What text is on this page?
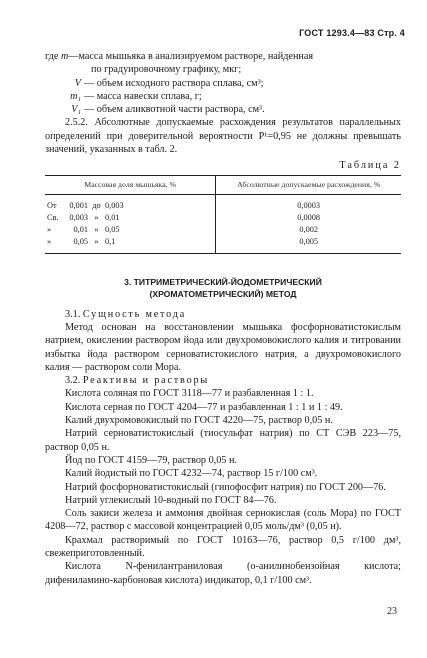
ГОСТ 1293.4—83 Стр. 4
где
m — масса мышьяка в анализируемом растворе, найденная
по градуировочному графику, мкг;
V — объем исходного раствора сплава, см³;
m₁ — масса навески сплава, г;
V₁ — объем аликвотной части раствора, см³.
2.5.2. Абсолютные допускаемые расхождения результатов параллельных определений при доверительной вероятности P¹=0,95 не должны превышать значений, указанных в табл. 2.
Таблица 2
Массовая доля мышьяка, %	Абсолютные допускаемые расхождения, %
От 0,001 до 0,003	0,0003
Св. 0,003 » 0,01	0,0008
» 0,01 » 0,05	0,002
» 0,05 » 0,1	0,005
3. ТИТРИМЕТРИЧЕСКИЙ-ЙОДОМЕТРИЧЕСКИЙ
(ХРОМАТОМЕТРИЧЕСКИЙ) МЕТОД
3.1. Сущность метода
Метод основан на восстановлении мышьяка фосфорноватистокислым натрием, окислении раствором йода или двухромовокислого калия и титровании избытка йода раствором серноватистокислого натрия, а двухромовокислого калия — раствором соли Мора.
3.2. Реактивы и растворы
Кислота соляная по ГОСТ 3118—77 и разбавленная 1 : 1.
Кислота серная по ГОСТ 4204—77 и разбавленная 1 : 1 и 1 : 49.
Калий двухромовокислый по ГОСТ 4220—75, раствор 0,05 н.
Натрий серноватистокислый (тиосульфат натрия) по СТ СЭВ 223—75, раствор 0,05 н.
Йод по ГОСТ 4159—79, раствор 0,05 н.
Калий йодистый по ГОСТ 4232—74, раствор 15 г/100 см³.
Натрий фосфорноватистокислый (гипофосфит натрия) по ГОСТ 200—76.
Натрий углекислый 10-водный по ГОСТ 84—76.
Соль закиси железа и аммония двойная сернокислая (соль Мора) по ГОСТ 4208—72, раствор с массовой концентрацией 0,05 моль/дм³ (0,05 н).
Крахмал растворимый по ГОСТ 10163—76, раствор 0,5 г/100 дм³, свежеприготовленный.
Кислота N-фенилантраниловая (о-анилинобензойная кислота; дифениламино-карбоновая кислота) индикатор, 0,1 г/100 см³.
23
